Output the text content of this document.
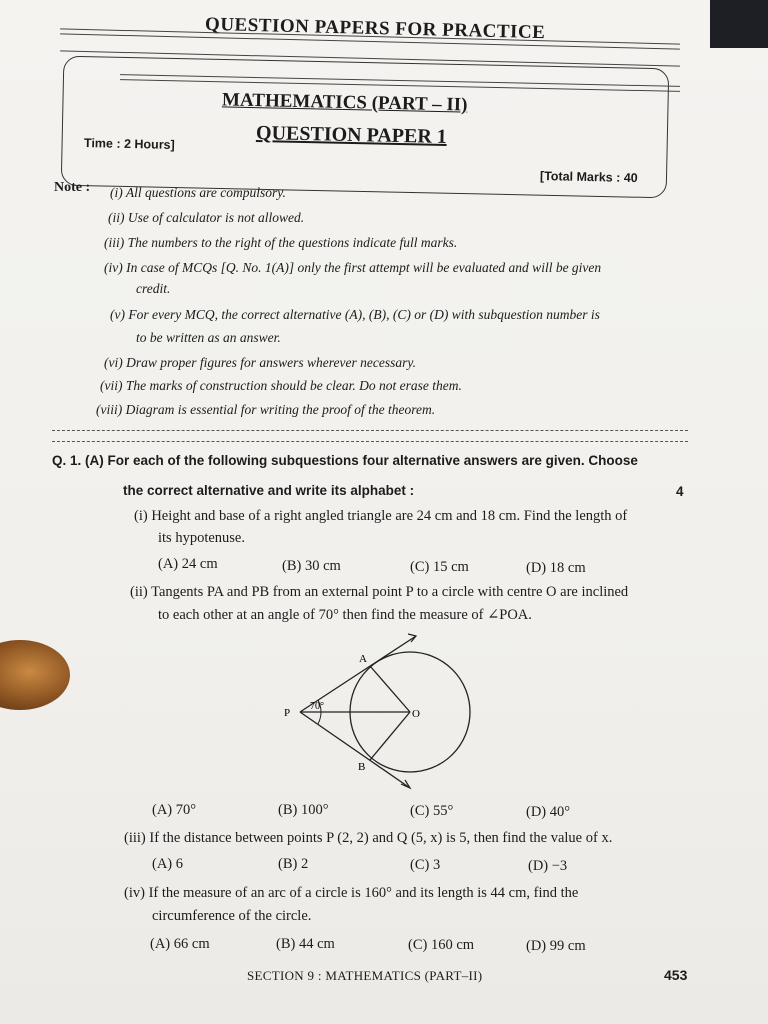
QUESTION PAPERS FOR PRACTICE
MATHEMATICS (PART – II)
QUESTION PAPER 1
Time : 2 Hours]
[Total Marks : 40
Note : (i) All questions are compulsory.
(ii) Use of calculator is not allowed.
(iii) The numbers to the right of the questions indicate full marks.
(iv) In case of MCQs [Q. No. 1(A)] only the first attempt will be evaluated and will be given
credit.
(v) For every MCQ, the correct alternative (A), (B), (C) or (D) with subquestion number is
to be written as an answer.
(vi) Draw proper figures for answers wherever necessary.
(vii) The marks of construction should be clear. Do not erase them.
(viii) Diagram is essential for writing the proof of the theorem.
Q. 1. (A) For each of the following subquestions four alternative answers are given. Choose
the correct alternative and write its alphabet :	4
(i) Height and base of a right angled triangle are 24 cm and 18 cm. Find the length of
its hypotenuse.
(A) 24 cm	(B) 30 cm	(C) 15 cm	(D) 18 cm
(ii) Tangents PA and PB from an external point P to a circle with centre O are inclined
to each other at an angle of 70° then find the measure of ∠POA.
A
B
P	O
70°
(A) 70°	(B) 100°	(C) 55°	(D) 40°
(iii) If the distance between points P (2, 2) and Q (5, x) is 5, then find the value of x.
(A) 6	(B) 2	(C) 3	(D) −3
(iv) If the measure of an arc of a circle is 160° and its length is 44 cm, find the
circumference of the circle.
(A) 66 cm	(B) 44 cm	(C) 160 cm	(D) 99 cm
SECTION 9 : MATHEMATICS (PART–II)	453
